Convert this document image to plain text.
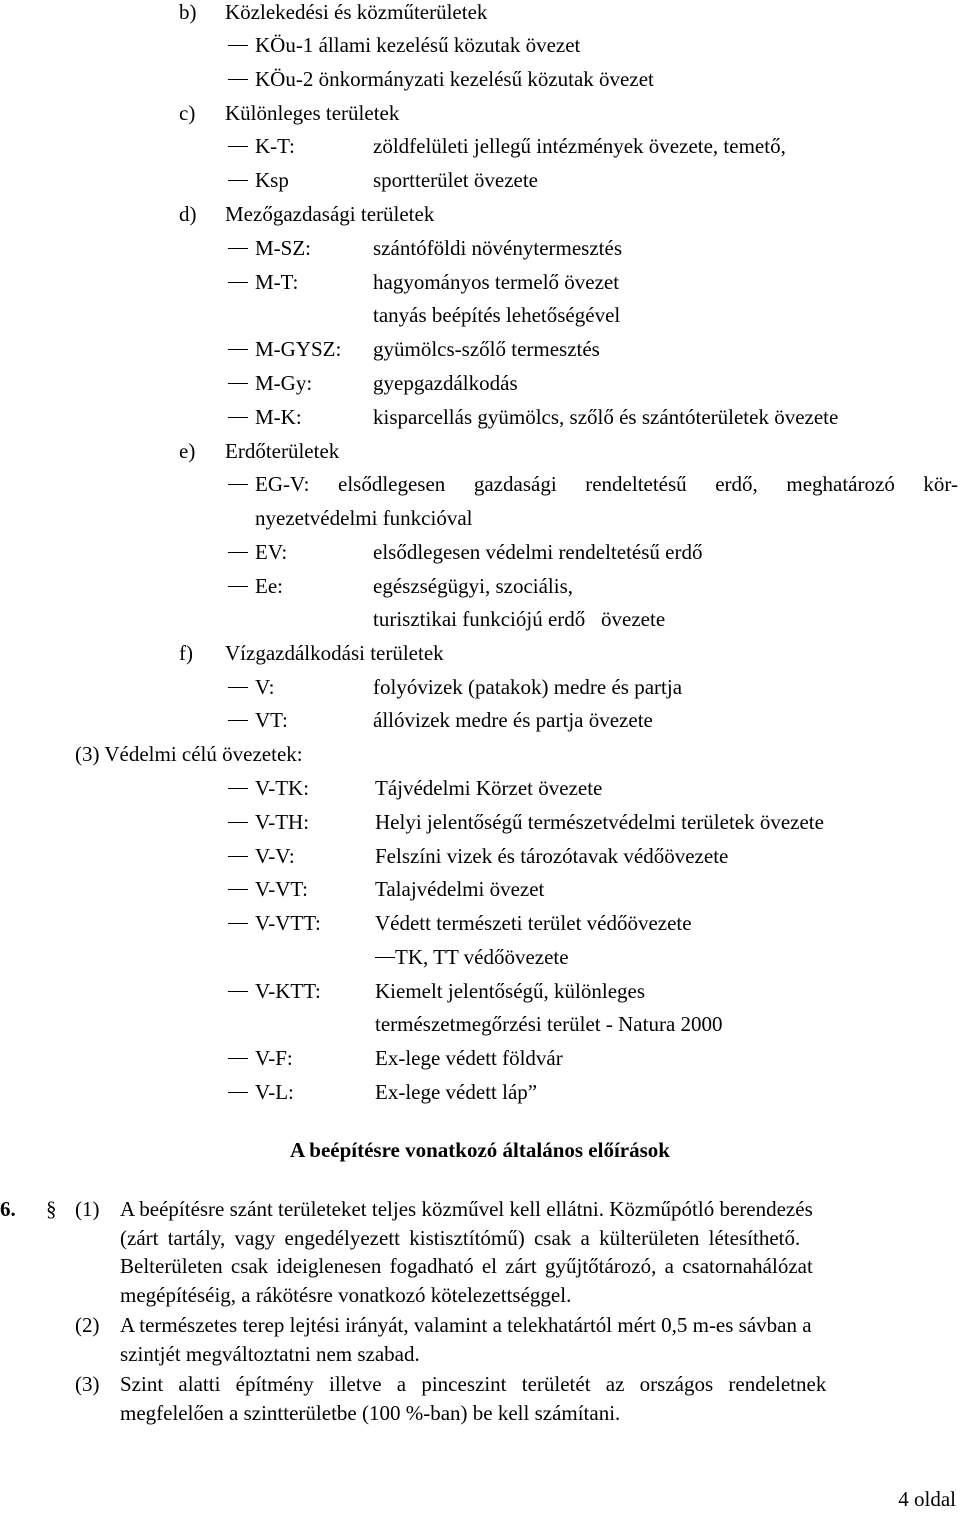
b) Közlekedési és közműterületek
KÖu-1 állami kezelésű közutak övezet
KÖu-2 önkormányzati kezelésű közutak övezet
c) Különleges területek
K-T:	zöldfelületi jellegű intézmények övezete, temető,
Ksp	sportterület övezete
d) Mezőgazdasági területek
M-SZ:	szántóföldi növénytermesztés
M-T:	hagyományos termelő övezet
tanyás beépítés lehetőségével
M-GYSZ: gyümölcs-szőlő termesztés
M-Gy:	gyepgazdálkodás
M-K:	kisparcellás gyümölcs, szőlő és szántóterületek övezete
e) Erdőterületek
EG-V: elsődlegesen gazdasági rendeltetésű erdő, meghatározó kör-
nyezetvédelmi funkcióval
EV:	elsődlegesen védelmi rendeltetésű erdő
Ee:	egészségügyi, szociális,
turisztikai funkciójú erdő   övezete
f) Vízgazdálkodási területek
V:	folyóvizek (patakok) medre és partja
VT:	állóvizek medre és partja övezete
(3) Védelmi célú övezetek:
V-TK:	Tájvédelmi Körzet övezete
V-TH:	Helyi jelentőségű természetvédelmi területek övezete
V-V:	Felszíni vizek és tározótavak védőövezete
V-VT:	Talajvédelmi övezet
V-VTT:	Védett természeti terület védőövezete
TK, TT védőövezete
V-KTT:	Kiemelt jelentőségű, különleges
természetmegőrzési terület - Natura 2000
V-F:	Ex-lege védett földvár
V-L:	Ex-lege védett láp”
A beépítésre vonatkozó általános előírások
6. § (1) A beépítésre szánt területeket teljes közművel kell ellátni. Közműpótló berendezés
(zárt tartály, vagy engedélyezett kistisztítómű) csak a külterületen létesíthető.
Belterületen csak ideiglenesen fogadható el zárt gyűjtőtározó, a csatornahálózat
megépítéséig, a rákötésre vonatkozó kötelezettséggel.
(2) A természetes terep lejtési irányát, valamint a telekhatártól mért 0,5 m-es sávban a
szintjét megváltoztatni nem szabad.
(3) Szint alatti építmény illetve a pinceszint területét az országos rendeletnek
megfelelően a szintterületbe (100 %-ban) be kell számítani.
4 oldal
